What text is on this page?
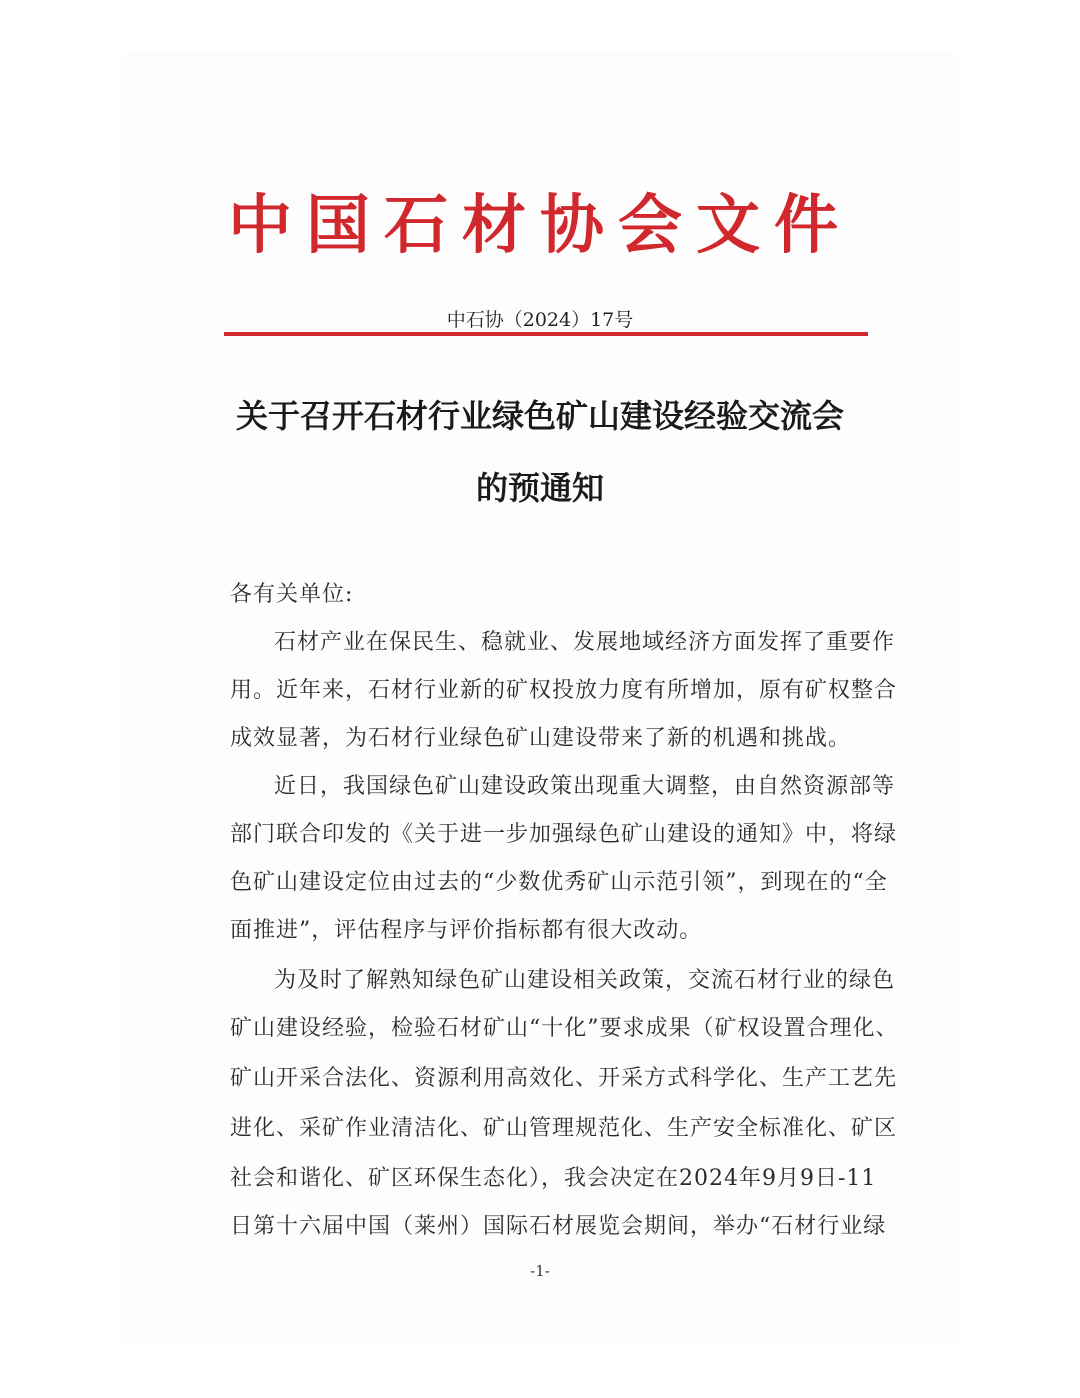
中国石材协会文件
中石协（2024）17号
关于召开石材行业绿色矿山建设经验交流会
的预通知
各有关单位:
石材产业在保民生、稳就业、发展地域经济方面发挥了重要作
用。近年来，石材行业新的矿权投放力度有所增加，原有矿权整合
成效显著，为石材行业绿色矿山建设带来了新的机遇和挑战。
近日，我国绿色矿山建设政策出现重大调整，由自然资源部等
部门联合印发的《关于进一步加强绿色矿山建设的通知》中，将绿
色矿山建设定位由过去的“少数优秀矿山示范引领”，到现在的“全
面推进”，评估程序与评价指标都有很大改动。
为及时了解熟知绿色矿山建设相关政策，交流石材行业的绿色
矿山建设经验，检验石材矿山“十化”要求成果（矿权设置合理化、
矿山开采合法化、资源利用高效化、开采方式科学化、生产工艺先
进化、采矿作业清洁化、矿山管理规范化、生产安全标准化、矿区
社会和谐化、矿区环保生态化），我会决定在2024年9月9日-11
日第十六届中国（莱州）国际石材展览会期间，举办“石材行业绿
-1-
